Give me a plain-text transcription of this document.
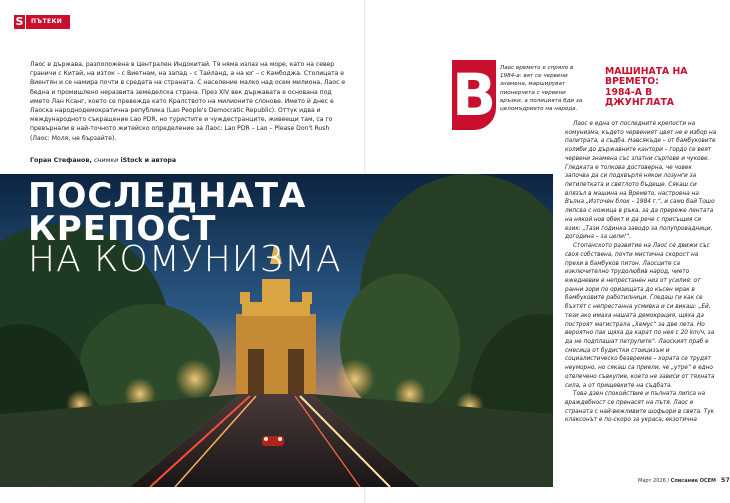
S	ПЪТЕКИ

Лаос е държава, разположена в Централен Индокитай. Тя няма излаз на море, като на север граничи с Китай, на изток – с Виетнам, на запад – с Тайланд, а на юг – с Камбоджа. Столицата е Виентян и се намира почти в средата на страната. С население малко над осем милиона, Лаос е бедна и промишлено неразвита земеделска страна. През XIV век държавата е основана под името Лан Ксанг, което се превежда като Кралството на милионите слонове. Името й днес е Лаоска народнодемократична република (Lao People's Democratic Republic). Оттук идва и международното съкращение Lao PDR, но туристите и чуждестранците, живеещи там, са го превърнали в най-точното житейско определение за Лаос: Lao PDR – Lao – Please Don't Rush (Лаос: Моля, не бързайте).

Горан Стефанов, снимки iStock и автора
ПОСЛЕДНАТА
КРЕПОСТ
НА КОМУНИЗМА
В Лаос времето е спряло в 1984-а: вят се червени знамена, маршируват пионерчета с червени връзки, а полицията бди за целомъдрието на народа.

МАШИНАТА НА
ВРЕМЕТО:
1984-А В ДЖУНГЛАТА

Лаос е една от последните крепости на комунизма, където червеният цвят не е избор на палитрата, а съдба. Навсякъде – от бамбуковите колиби до държавните кантори – гордо се веят червени знамена със златни сърпове и чукове. Гледката е толкова достоверна, че човек започва да си подхвърля някои лозунги за петилетката и светлото бъдеще. Сякаш си влязъл в машина на Времето, настроена на Вълна „Източен блок – 1984 г.“, и само бай Тошо липсва с ножица в ръка, за да пререже лентата на някой нов обект и да рече с присъщия си език: „Тази годинка заводо за полупровадници, догодина – за цели!“.

Стопанското развитие на Лаос се движи със своя собствена, почти мистична скорост на прехи в бамбуков питон. Лаосците са изключително трудолюбив народ, чието ежедневие е непрестанен низ от усилия: от ранни зори по оризищата до късен мрак в бамбуковите работилници. Гледаш ги как се бъхтят с непрестанна усмивка и си викаш: „Ей, тези ако имаха нашата демокрация, щяха да построят магистрала „Хемус“ за две лета. Но вероятно пак щяха да карат по нея с 20 km/ч, за да не подплашат петрупите“. Лаоският праб е смесица от будистки стоицизъм и социалистическо безвремие – хората се трудят неуморно, но сякаш са приели, че „утре“ е едно отвлечено съвкупие, което не зависи от тяхната сила, а от прищевките на съдбата.

Това дзен спокойствие и пълната липса на враждебност се пренасят на пътя. Лаос е страната с най-вежливите шофьори в света. Тук клаксонът е по-скоро за украса, екзотична

56 Списание ОСЕМ / Март 2026	Март 2026 / Списание ОСЕМ 57
